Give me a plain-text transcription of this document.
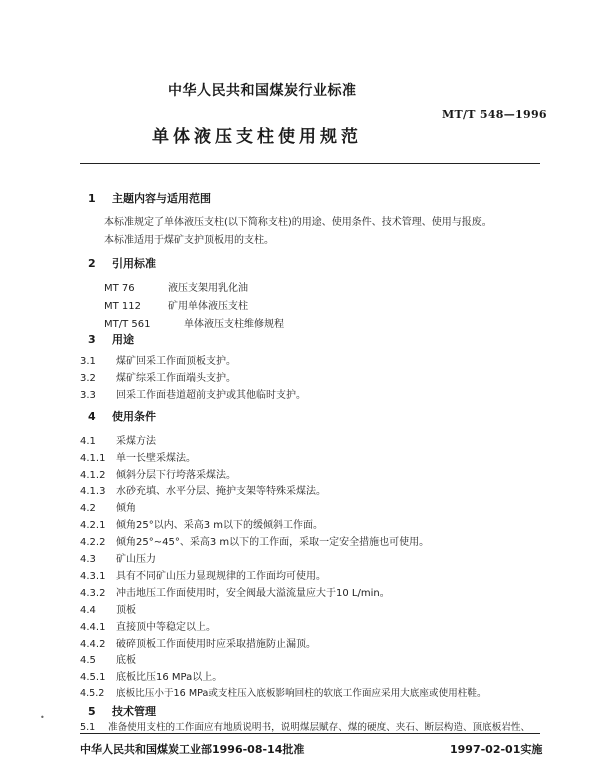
中华人民共和国煤炭行业标准
MT/T 548—1996
单体液压支柱使用规范
1 主题内容与适用范围
本标准规定了单体液压支柱(以下简称支柱)的用途、使用条件、技术管理、使用与报废。
本标准适用于煤矿支护顶板用的支柱。
2 引用标准
MT 76	液压支架用乳化油
MT 112	矿用单体液压支柱
MT/T 561	单体液压支柱维修规程
3 用途
3.1 煤矿回采工作面顶板支护。
3.2 煤矿综采工作面端头支护。
3.3 回采工作面巷道超前支护或其他临时支护。
4 使用条件
4.1 采煤方法
4.1.1 单一长壁采煤法。
4.1.2 倾斜分层下行垮落采煤法。
4.1.3 水砂充填、水平分层、掩护支架等特殊采煤法。
4.2 倾角
4.2.1 倾角25°以内、采高3 m以下的缓倾斜工作面。
4.2.2 倾角25°~45°、采高3 m以下的工作面，采取一定安全措施也可使用。
4.3 矿山压力
4.3.1 具有不同矿山压力显现规律的工作面均可使用。
4.3.2 冲击地压工作面使用时，安全阀最大溢流量应大于10 L/min。
4.4 顶板
4.4.1 直接顶中等稳定以上。
4.4.2 破碎顶板工作面使用时应采取措施防止漏顶。
4.5 底板
4.5.1 底板比压16 MPa以上。
4.5.2 底板比压小于16 MPa或支柱压入底板影响回柱的软底工作面应采用大底座或使用柱鞋。
5 技术管理
5.1 准备使用支柱的工作面应有地质说明书，说明煤层赋存、煤的硬度、夹石、断层构造、顶底板岩性、
•
中华人民共和国煤炭工业部1996-08-14批准	1997-02-01实施
